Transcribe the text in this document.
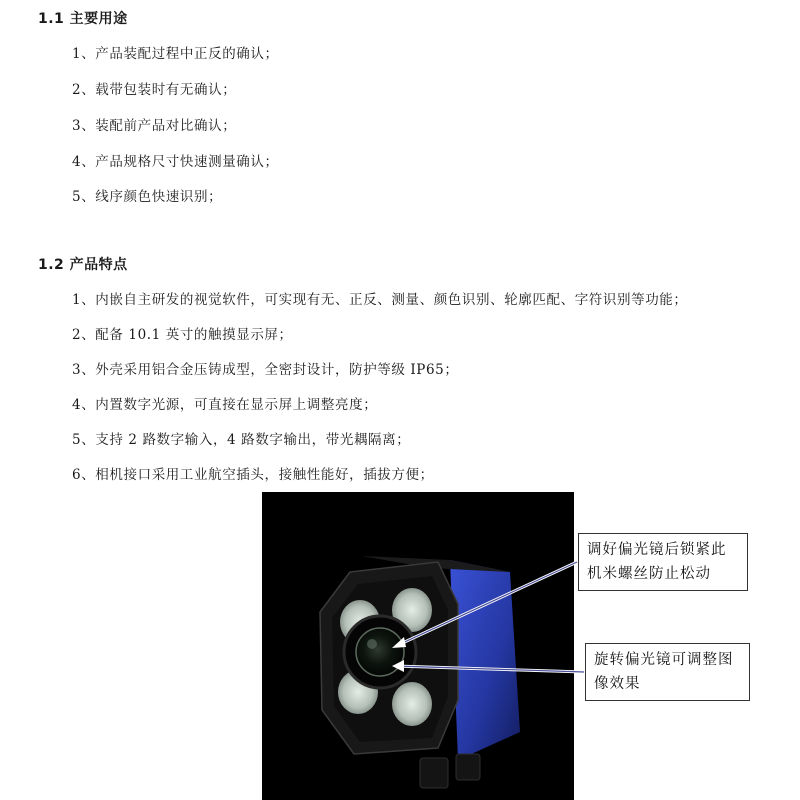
1.1 主要用途
1、产品装配过程中正反的确认；
2、载带包装时有无确认；
3、装配前产品对比确认；
4、产品规格尺寸快速测量确认；
5、线序颜色快速识别；
1.2 产品特点
1、内嵌自主研发的视觉软件，可实现有无、正反、测量、颜色识别、轮廓匹配、字符识别等功能；
2、配备 10.1 英寸的触摸显示屏；
3、外壳采用铝合金压铸成型，全密封设计，防护等级 IP65；
4、内置数字光源，可直接在显示屏上调整亮度；
5、支持 2 路数字输入，4 路数字输出，带光耦隔离；
6、相机接口采用工业航空插头，接触性能好，插拔方便；
调好偏光镜后锁紧此机米螺丝防止松动
旋转偏光镜可调整图像效果
